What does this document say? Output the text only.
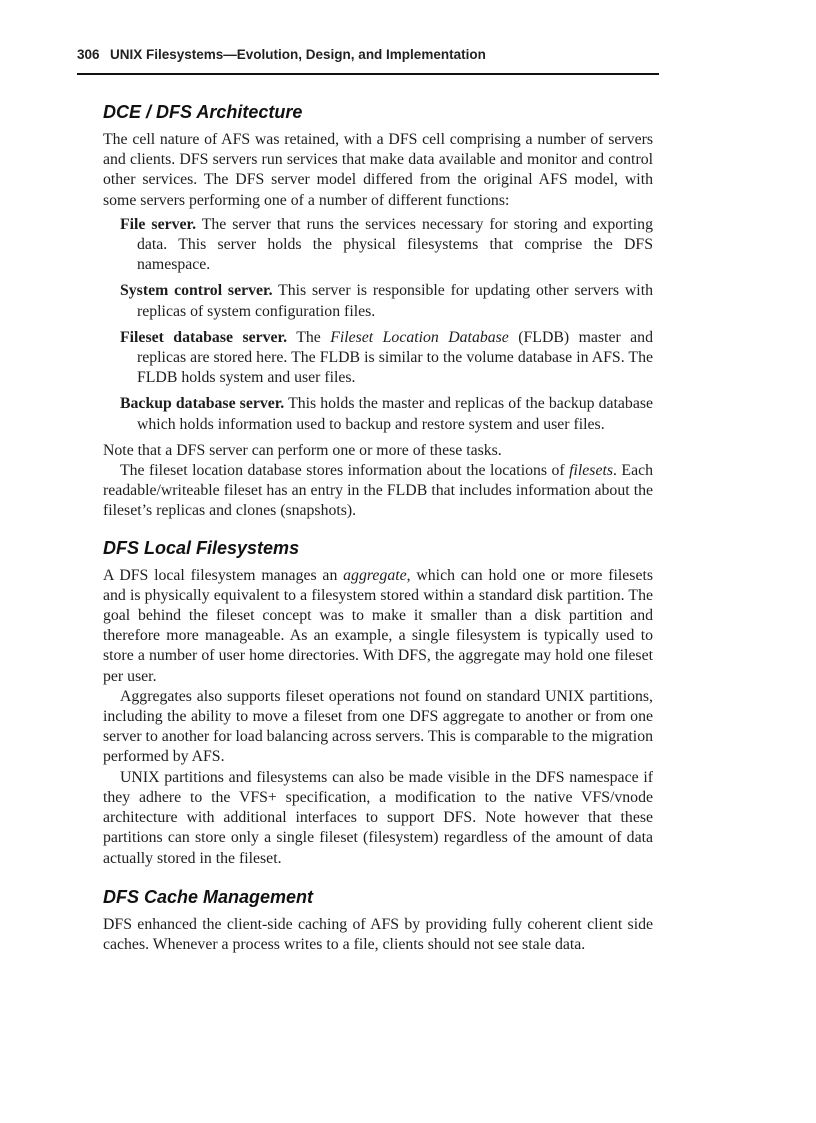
306 UNIX Filesystems—Evolution, Design, and Implementation
DCE / DFS Architecture

The cell nature of AFS was retained, with a DFS cell comprising a number of servers and clients. DFS servers run services that make data available and monitor and control other services. The DFS server model differed from the original AFS model, with some servers performing one of a number of different functions:

File server. The server that runs the services necessary for storing and exporting data. This server holds the physical filesystems that comprise the DFS namespace.
System control server. This server is responsible for updating other servers with replicas of system configuration files.
Fileset database server. The Fileset Location Database (FLDB) master and replicas are stored here. The FLDB is similar to the volume database in AFS. The FLDB holds system and user files.
Backup database server. This holds the master and replicas of the backup database which holds information used to backup and restore system and user files.

Note that a DFS server can perform one or more of these tasks.

The fileset location database stores information about the locations of filesets. Each readable/writeable fileset has an entry in the FLDB that includes information about the fileset’s replicas and clones (snapshots).

DFS Local Filesystems

A DFS local filesystem manages an aggregate, which can hold one or more filesets and is physically equivalent to a filesystem stored within a standard disk partition. The goal behind the fileset concept was to make it smaller than a disk partition and therefore more manageable. As an example, a single filesystem is typically used to store a number of user home directories. With DFS, the aggregate may hold one fileset per user.

Aggregates also supports fileset operations not found on standard UNIX partitions, including the ability to move a fileset from one DFS aggregate to another or from one server to another for load balancing across servers. This is comparable to the migration performed by AFS.

UNIX partitions and filesystems can also be made visible in the DFS namespace if they adhere to the VFS+ specification, a modification to the native VFS/vnode architecture with additional interfaces to support DFS. Note however that these partitions can store only a single fileset (filesystem) regardless of the amount of data actually stored in the fileset.

DFS Cache Management

DFS enhanced the client-side caching of AFS by providing fully coherent client side caches. Whenever a process writes to a file, clients should not see stale data.
